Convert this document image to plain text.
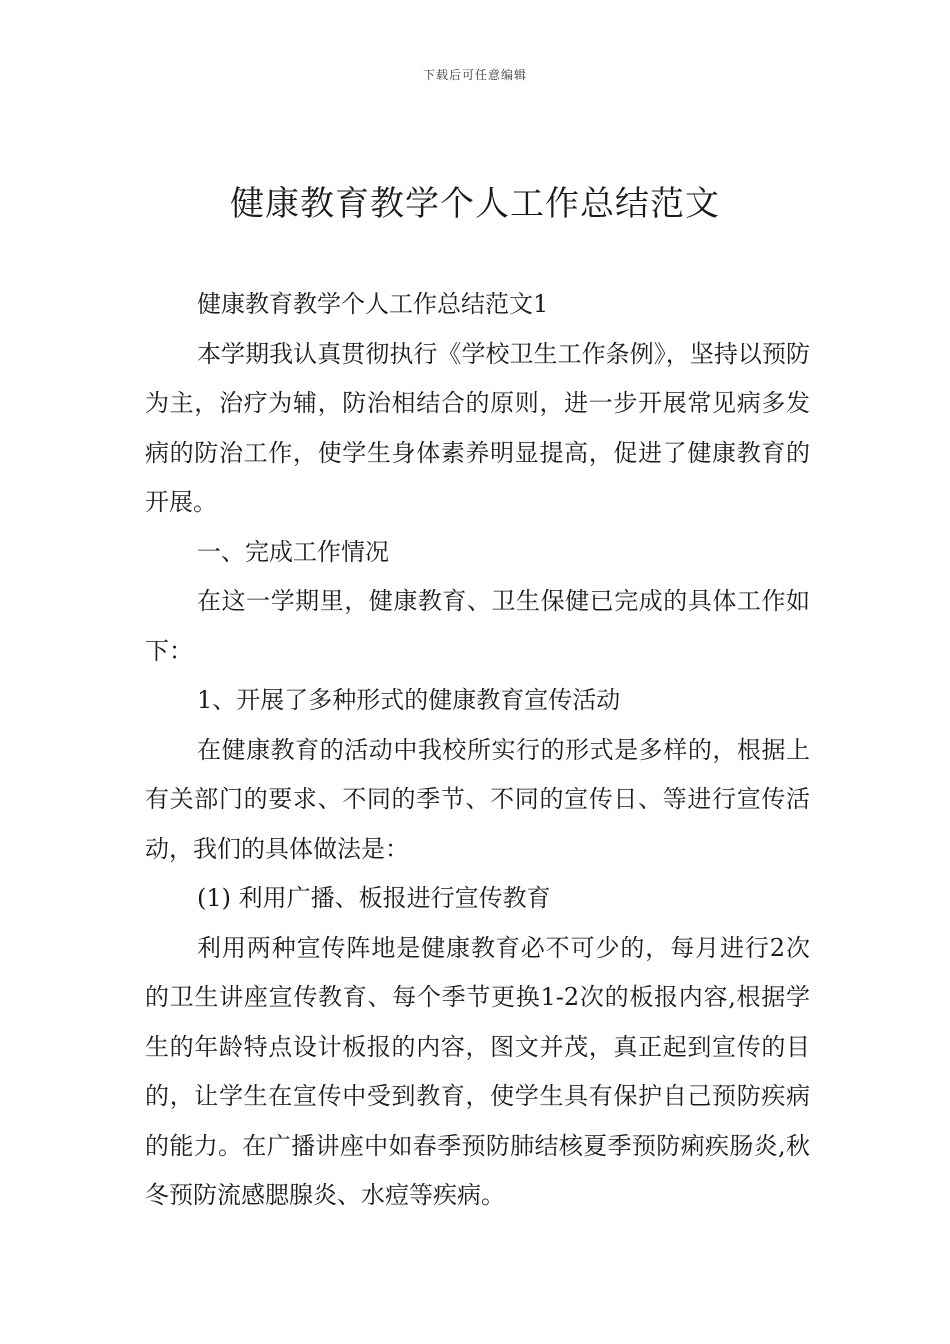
下载后可任意编辑
健康教育教学个人工作总结范文

健康教育教学个人工作总结范文1

本学期我认真贯彻执行《学校卫生工作条例》，坚持以预防为主，治疗为辅，防治相结合的原则，进一步开展常见病多发病的防治工作，使学生身体素养明显提高，促进了健康教育的开展。

一、完成工作情况

在这一学期里，健康教育、卫生保健已完成的具体工作如下：

1、开展了多种形式的健康教育宣传活动

在健康教育的活动中我校所实行的形式是多样的，根据上有关部门的要求、不同的季节、不同的宣传日、等进行宣传活动，我们的具体做法是：

(1) 利用广播、板报进行宣传教育

利用两种宣传阵地是健康教育必不可少的，每月进行2次的卫生讲座宣传教育、每个季节更换1-2次的板报内容,根据学生的年龄特点设计板报的内容，图文并茂，真正起到宣传的目的，让学生在宣传中受到教育，使学生具有保护自己预防疾病的能力。在广播讲座中如春季预防肺结核夏季预防痢疾肠炎,秋冬预防流感腮腺炎、水痘等疾病。
